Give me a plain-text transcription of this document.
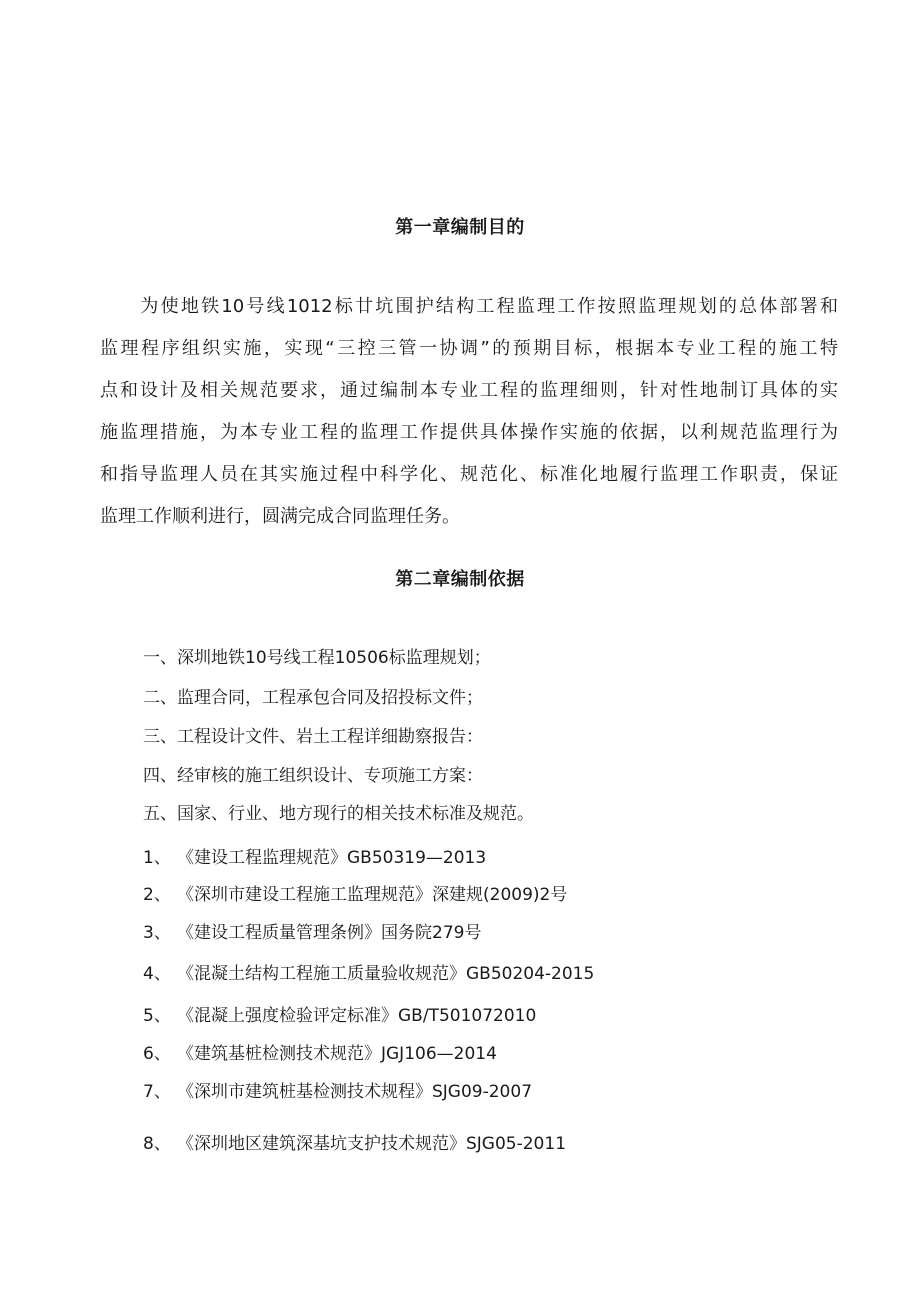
第一章编制目的
　　为使地铁10号线1012标廿坑围护结构工程监理工作按照监理规划的总体部署和
监理程序组织实施，实现“三控三管一协调”的预期目标，根据本专业工程的施工特
点和设计及相关规范要求，通过编制本专业工程的监理细则，针对性地制订具体的实
施监理措施，为本专业工程的监理工作提供具体操作实施的依据，以利规范监理行为
和指导监理人员在其实施过程中科学化、规范化、标准化地履行监理工作职责，保证
监理工作顺利进行，圆满完成合同监理任务。
第二章编制依据
一、深圳地铁10号线工程10506标监理规划；
二、监理合同，工程承包合同及招投标文件；
三、工程设计文件、岩土工程详细勘察报告：
四、经审核的施工组织设计、专项施工方案：
五、国家、行业、地方现行的相关技术标准及规范。
1、 《建设工程监理规范》GB50319—2013
2、 《深圳市建设工程施工监理规范》深建规(2009)2号
3、 《建设工程质量管理条例》国务院279号
4、 《混凝土结构工程施工质量验收规范》GB50204-2015
5、 《混凝上强度检验评定标准》GB/T501072010
6、 《建筑基桩检测技术规范》JGJ106—2014
7、 《深圳市建筑桩基检测技术规程》SJG09-2007
8、 《深圳地区建筑深基坑支护技术规范》SJG05-2011
